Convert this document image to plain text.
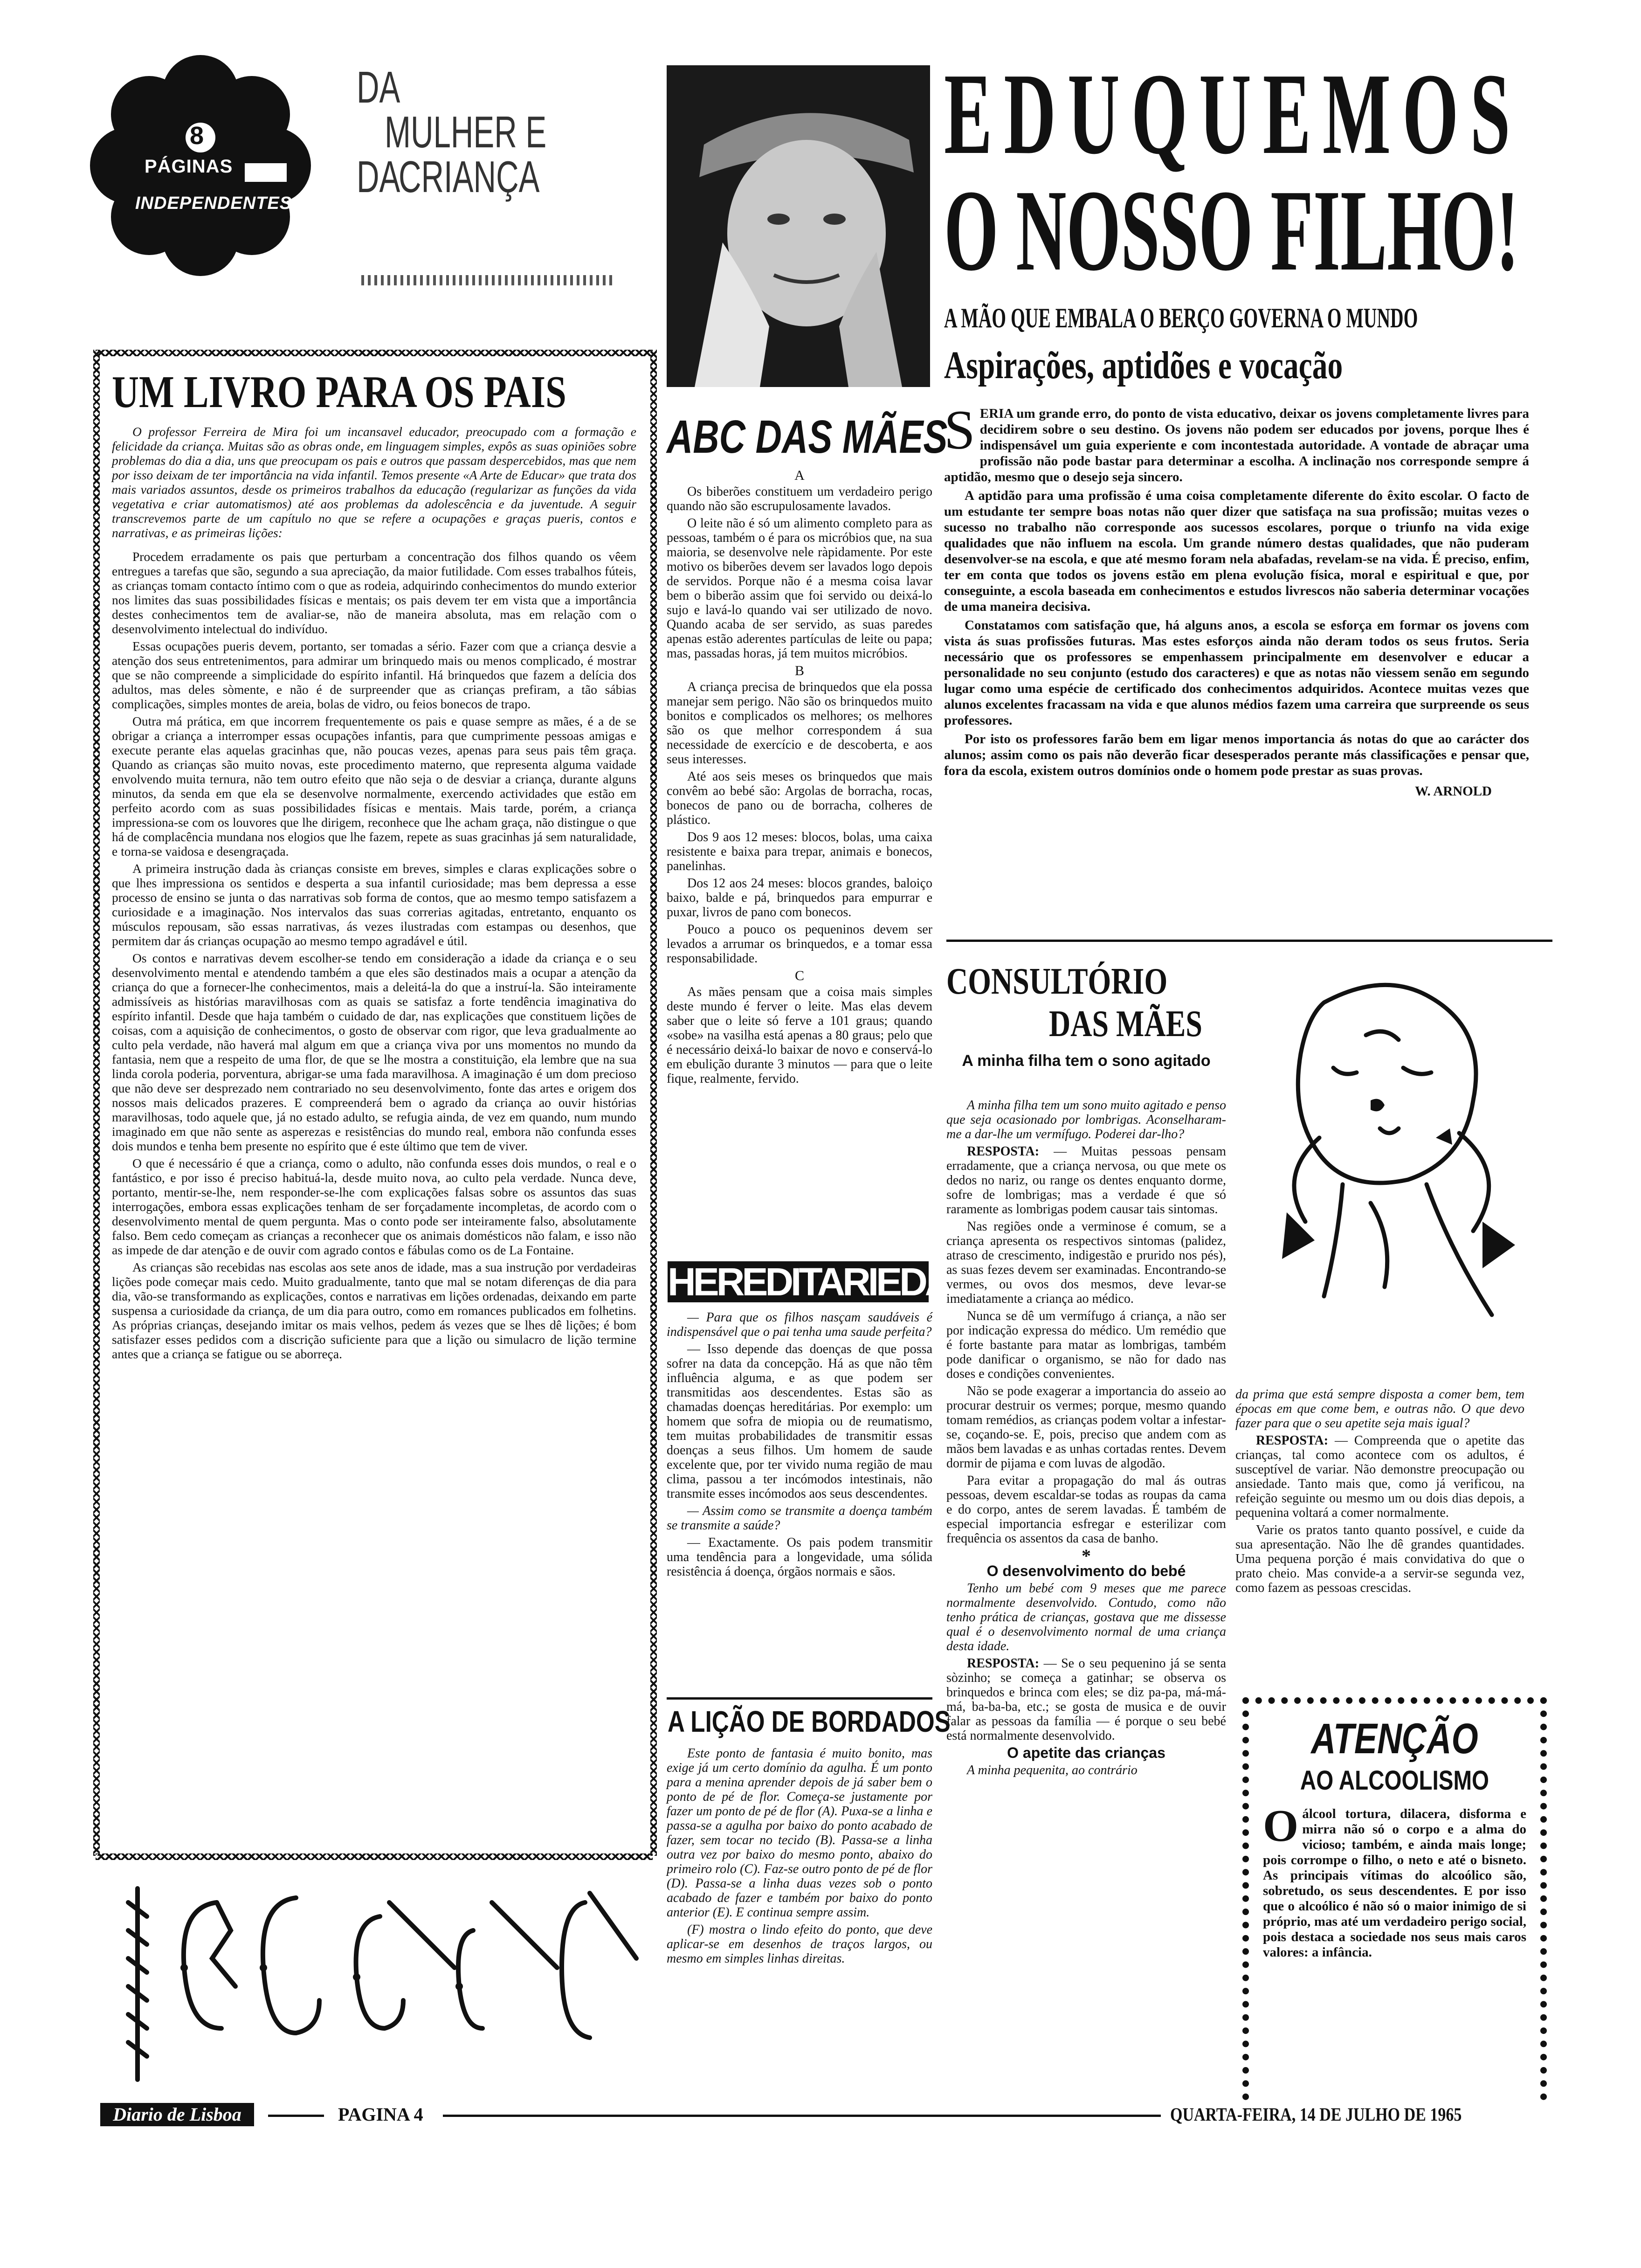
8
PÁGINAS
INDEPENDENTES
DA
MULHER E
DA
CRIANÇA	EDUQUEMOS
O NOSSO FILHO!
A MÃO QUE EMBALA O BERÇO GOVERNA O MUNDO
Aspirações, aptidões e vocação

SERIA um grande erro, do ponto de vista educativo, deixar os jovens completamente livres para decidirem sobre o seu destino. Os jovens não podem ser educados por jovens, porque lhes é indispensável um guia experiente e com incontestada autoridade. A vontade de abraçar uma profissão não pode bastar para determinar a escolha. A inclinação nos corresponde sempre á aptidão, mesmo que o desejo seja sincero.

A aptidão para uma profissão é uma coisa completamente diferente do êxito escolar. O facto de um estudante ter sempre boas notas não quer dizer que satisfaça na sua profissão; muitas vezes o sucesso no trabalho não corresponde aos sucessos escolares, porque o triunfo na vida exige qualidades que não influem na escola. Um grande número destas qualidades, que não puderam desenvolver-se na escola, e que até mesmo foram nela abafadas, revelam-se na vida. É preciso, enfim, ter em conta que todos os jovens estão em plena evolução física, moral e espiritual e que, por conseguinte, a escola baseada em conhecimentos e estudos livrescos não saberia determinar vocações de uma maneira decisiva.

Constatamos com satisfação que, há alguns anos, a escola se esforça em formar os jovens com vista ás suas profissões futuras. Mas estes esforços ainda não deram todos os seus frutos. Seria necessário que os professores se empenhassem principalmente em desenvolver e educar a personalidade no seu conjunto (estudo dos caracteres) e que as notas não viessem senão em segundo lugar como uma espécie de certificado dos conhecimentos adquiridos. Acontece muitas vezes que alunos excelentes fracassam na vida e que alunos médios fazem uma carreira que surpreende os seus professores.

Por isto os professores farão bem em ligar menos importancia ás notas do que ao carácter dos alunos; assim como os pais não deverão ficar desesperados perante más classificações e pensar que, fora da escola, existem outros domínios onde o homem pode prestar as suas provas.

W. ARNOLD
UM LIVRO PARA OS PAIS

O professor Ferreira de Mira foi um incansavel educador, preocupado com a formação e felicidade da criança. Muitas são as obras onde, em linguagem simples, expôs as suas opiniões sobre problemas do dia a dia, uns que preocupam os pais e outros que passam despercebidos, mas que nem por isso deixam de ter importância na vida infantil. Temos presente «A Arte de Educar» que trata dos mais variados assuntos, desde os primeiros trabalhos da educação (regularizar as funções da vida vegetativa e criar automatismos) até aos problemas da adolescência e da juventude. A seguir transcrevemos parte de um capítulo no que se refere a ocupações e graças pueris, contos e narrativas, e as primeiras lições:

Procedem erradamente os pais que perturbam a concentração dos filhos quando os vêem entregues a tarefas que são, segundo a sua apreciação, da maior futilidade. Com esses trabalhos fúteis, as crianças tomam contacto íntimo com o que as rodeia, adquirindo conhecimentos do mundo exterior nos limites das suas possibilidades físicas e mentais; os pais devem ter em vista que a importância destes conhecimentos tem de avaliar-se, não de maneira absoluta, mas em relação com o desenvolvimento intelectual do indivíduo.

Essas ocupações pueris devem, portanto, ser tomadas a sério. Fazer com que a criança desvie a atenção dos seus entretenimentos, para admirar um brinquedo mais ou menos complicado, é mostrar que se não compreende a simplicidade do espírito infantil. Há brinquedos que fazem a delícia dos adultos, mas deles sòmente, e não é de surpreender que as crianças prefiram, a tão sábias complicações, simples montes de areia, bolas de vidro, ou feios bonecos de trapo.

Outra má prática, em que incorrem frequentemente os pais e quase sempre as mães, é a de se obrigar a criança a interromper essas ocupações infantis, para que cumprimente pessoas amigas e execute perante elas aquelas gracinhas que, não poucas vezes, apenas para seus pais têm graça. Quando as crianças são muito novas, este procedimento materno, que representa alguma vaidade envolvendo muita ternura, não tem outro efeito que não seja o de desviar a criança, durante alguns minutos, da senda em que ela se desenvolve normalmente, exercendo actividades que estão em perfeito acordo com as suas possibilidades físicas e mentais. Mais tarde, porém, a criança impressiona-se com os louvores que lhe dirigem, reconhece que lhe acham graça, não distingue o que há de complacência mundana nos elogios que lhe fazem, repete as suas gracinhas já sem naturalidade, e torna-se vaidosa e desengraçada.

A primeira instrução dada às crianças consiste em breves, simples e claras explicações sobre o que lhes impressiona os sentidos e desperta a sua infantil curiosidade; mas bem depressa a esse processo de ensino se junta o das narrativas sob forma de contos, que ao mesmo tempo satisfazem a curiosidade e a imaginação. Nos intervalos das suas correrias agitadas, entretanto, enquanto os músculos repousam, são essas narrativas, ás vezes ilustradas com estampas ou desenhos, que permitem dar ás crianças ocupação ao mesmo tempo agradável e útil.

Os contos e narrativas devem escolher-se tendo em consideração a idade da criança e o seu desenvolvimento mental e atendendo também a que eles são destinados mais a ocupar a atenção da criança do que a fornecer-lhe conhecimentos, mais a deleitá-la do que a instruí-la. São inteiramente admissíveis as histórias maravilhosas com as quais se satisfaz a forte tendência imaginativa do espírito infantil. Desde que haja também o cuidado de dar, nas explicações que constituem lições de coisas, com a aquisição de conhecimentos, o gosto de observar com rigor, que leva gradualmente ao culto pela verdade, não haverá mal algum em que a criança viva por uns momentos no mundo da fantasia, nem que a respeito de uma flor, de que se lhe mostra a constituição, ela lembre que na sua linda corola poderia, porventura, abrigar-se uma fada maravilhosa. A imaginação é um dom precioso que não deve ser desprezado nem contrariado no seu desenvolvimento, fonte das artes e origem dos nossos mais delicados prazeres. E compreenderá bem o agrado da criança ao ouvir histórias maravilhosas, todo aquele que, já no estado adulto, se refugia ainda, de vez em quando, num mundo imaginado em que não sente as asperezas e resistências do mundo real, embora não confunda esses dois mundos e tenha bem presente no espírito que é este último que tem de viver.

O que é necessário é que a criança, como o adulto, não confunda esses dois mundos, o real e o fantástico, e por isso é preciso habituá-la, desde muito nova, ao culto pela verdade. Nunca deve, portanto, mentir-se-lhe, nem responder-se-lhe com explicações falsas sobre os assuntos das suas interrogações, embora essas explicações tenham de ser forçadamente incompletas, de acordo com o desenvolvimento mental de quem pergunta. Mas o conto pode ser inteiramente falso, absolutamente falso. Bem cedo começam as crianças a reconhecer que os animais domésticos não falam, e isso não as impede de dar atenção e de ouvir com agrado contos e fábulas como os de La Fontaine.

As crianças são recebidas nas escolas aos sete anos de idade, mas a sua instrução por verdadeiras lições pode começar mais cedo. Muito gradualmente, tanto que mal se notam diferenças de dia para dia, vão-se transformando as explicações, contos e narrativas em lições ordenadas, deixando em parte suspensa a curiosidade da criança, de um dia para outro, como em romances publicados em folhetins. As próprias crianças, desejando imitar os mais velhos, pedem ás vezes que se lhes dê lições; é bom satisfazer esses pedidos com a discrição suficiente para que a lição ou simulacro de lição termine antes que a criança se fatigue ou se aborreça.

A	B	C	D	E	F
ABC DAS MÃES
A

Os biberões constituem um verdadeiro perigo quando não são escrupulosamente lavados.

O leite não é só um alimento completo para as pessoas, também o é para os micróbios que, na sua maioria, se desenvolve nele ràpidamente. Por este motivo os biberões devem ser lavados logo depois de servidos. Porque não é a mesma coisa lavar bem o biberão assim que foi servido ou deixá-lo sujo e lavá-lo quando vai ser utilizado de novo. Quando acaba de ser servido, as suas paredes apenas estão aderentes partículas de leite ou papa; mas, passadas horas, já tem muitos micróbios.

B

A criança precisa de brinquedos que ela possa manejar sem perigo. Não são os brinquedos muito bonitos e complicados os melhores; os melhores são os que melhor correspondem á sua necessidade de exercício e de descoberta, e aos seus interesses.

Até aos seis meses os brinquedos que mais convêm ao bebé são: Argolas de borracha, rocas, bonecos de pano ou de borracha, colheres de plástico.

Dos 9 aos 12 meses: blocos, bolas, uma caixa resistente e baixa para trepar, animais e bonecos, panelinhas.

Dos 12 aos 24 meses: blocos grandes, baloiço baixo, balde e pá, brinquedos para empurrar e puxar, livros de pano com bonecos.

Pouco a pouco os pequeninos devem ser levados a arrumar os brinquedos, e a tomar essa responsabilidade.

C

As mães pensam que a coisa mais simples deste mundo é ferver o leite. Mas elas devem saber que o leite só ferve a 101 graus; quando «sobe» na vasilha está apenas a 80 graus; pelo que é necessário deixá-lo baixar de novo e conservá-lo em ebulição durante 3 minutos — para que o leite fique, realmente, fervido.

HEREDITARIEDADE

— Para que os filhos nasçam saudáveis é indispensável que o pai tenha uma saude perfeita?

— Isso depende das doenças de que possa sofrer na data da concepção. Há as que não têm influência alguma, e as que podem ser transmitidas aos descendentes. Estas são as chamadas doenças hereditárias. Por exemplo: um homem que sofra de miopia ou de reumatismo, tem muitas probabilidades de transmitir essas doenças a seus filhos. Um homem de saude excelente que, por ter vivido numa região de mau clima, passou a ter incómodos intestinais, não transmite esses incómodos aos seus descendentes.

— Assim como se transmite a doença também se transmite a saúde?

— Exactamente. Os pais podem transmitir uma tendência para a longevidade, uma sólida resistência á doença, órgãos normais e sãos.

A LIÇÃO DE BORDADOS

Este ponto de fantasia é muito bonito, mas exige já um certo domínio da agulha. É um ponto para a menina aprender depois de já saber bem o ponto de pé de flor. Começa-se justamente por fazer um ponto de pé de flor (A). Puxa-se a linha e passa-se a agulha por baixo do ponto acabado de fazer, sem tocar no tecido (B). Passa-se a linha outra vez por baixo do mesmo ponto, abaixo do primeiro rolo (C). Faz-se outro ponto de pé de flor (D). Passa-se a linha duas vezes sob o ponto acabado de fazer e também por baixo do ponto anterior (E). E continua sempre assim.

(F) mostra o lindo efeito do ponto, que deve aplicar-se em desenhos de traços largos, ou mesmo em simples linhas direitas.

CONSULTÓRIO
DAS MÃES
A minha filha tem o sono agitado

A minha filha tem um sono muito agitado e penso que seja ocasionado por lombrigas. Aconselharam-me a dar-lhe um vermífugo. Poderei dar-lho?

RESPOSTA: — Muitas pessoas pensam erradamente, que a criança nervosa, ou que mete os dedos no nariz, ou range os dentes enquanto dorme, sofre de lombrigas; mas a verdade é que só raramente as lombrigas podem causar tais sintomas.

Nas regiões onde a verminose é comum, se a criança apresenta os respectivos sintomas (palidez, atraso de crescimento, indigestão e prurido nos pés), as suas fezes devem ser examinadas. Encontrando-se vermes, ou ovos dos mesmos, deve levar-se imediatamente a criança ao médico.

Nunca se dê um vermífugo á criança, a não ser por indicação expressa do médico. Um remédio que é forte bastante para matar as lombrigas, também pode danificar o organismo, se não for dado nas doses e condições convenientes.

Não se pode exagerar a importancia do asseio ao procurar destruir os vermes; porque, mesmo quando tomam remédios, as crianças podem voltar a infestar-se, coçando-se. E, pois, preciso que andem com as mãos bem lavadas e as unhas cortadas rentes. Devem dormir de pijama e com luvas de algodão.

Para evitar a propagação do mal ás outras pessoas, devem escaldar-se todas as roupas da cama e do corpo, antes de serem lavadas. É também de especial importancia esfregar e esterilizar com frequência os assentos da casa de banho.

*
O desenvolvimento do bebé

Tenho um bebé com 9 meses que me parece normalmente desenvolvido. Contudo, como não tenho prática de crianças, gostava que me dissesse qual é o desenvolvimento normal de uma criança desta idade.

RESPOSTA: — Se o seu pequenino já se senta sòzinho; se começa a gatinhar; se observa os brinquedos e brinca com eles; se diz pa-pa, má-má-má, ba-ba-ba, etc.; se gosta de musica e de ouvir falar as pessoas da família — é porque o seu bebé está normalmente desenvolvido.

O apetite das crianças

A minha pequenita, ao contrário

da prima que está sempre disposta a comer bem, tem épocas em que come bem, e outras não. O que devo fazer para que o seu apetite seja mais igual?

RESPOSTA: — Compreenda que o apetite das crianças, tal como acontece com os adultos, é susceptível de variar. Não demonstre preocupação ou ansiedade. Tanto mais que, como já verificou, na refeição seguinte ou mesmo um ou dois dias depois, a pequenina voltará a comer normalmente.

Varie os pratos tanto quanto possível, e cuide da sua apresentação. Não lhe dê grandes quantidades. Uma pequena porção é mais convidativa do que o prato cheio. Mas convide-a a servir-se segunda vez, como fazem as pessoas crescidas.

ATENÇÃO
AO ALCOOLISMO

Oálcool tortura, dilacera, disforma e mirra não só o corpo e a alma do vicioso; também, e ainda mais longe; pois corrompe o filho, o neto e até o bisneto. As principais vítimas do alcoólico são, sobretudo, os seus descendentes. E por isso que o alcoólico é não só o maior inimigo de si próprio, mas até um verdadeiro perigo social, pois destaca a sociedade nos seus mais caros valores: a infância.

Diario de Lisboa	PAGINA 4	QUARTA-FEIRA, 14 DE JULHO DE 1965
